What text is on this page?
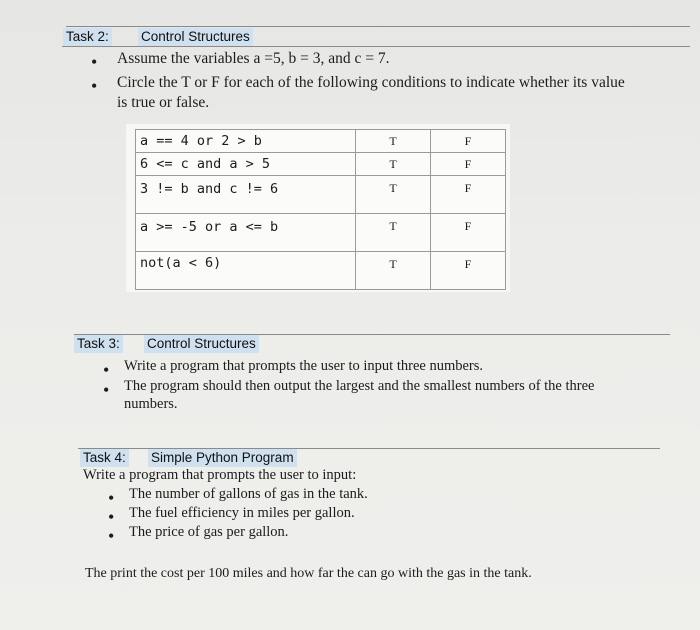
Task 2: Control Structures
• Assume the variables a =5, b = 3, and c = 7.
• Circle the T or F for each of the following conditions to indicate whether its value
is true or false.
a == 4 or 2 > b	T	F
6 <= c and a > 5	T	F
3 != b and c != 6	T	F
a >= -5 or a <= b	T	F
not(a < 6)	T	F
Task 3: Control Structures
• Write a program that prompts the user to input three numbers.
• The program should then output the largest and the smallest numbers of the three
numbers.
Task 4: Simple Python Program
Write a program that prompts the user to input:
• The number of gallons of gas in the tank.
• The fuel efficiency in miles per gallon.
• The price of gas per gallon.
The print the cost per 100 miles and how far the can go with the gas in the tank.
